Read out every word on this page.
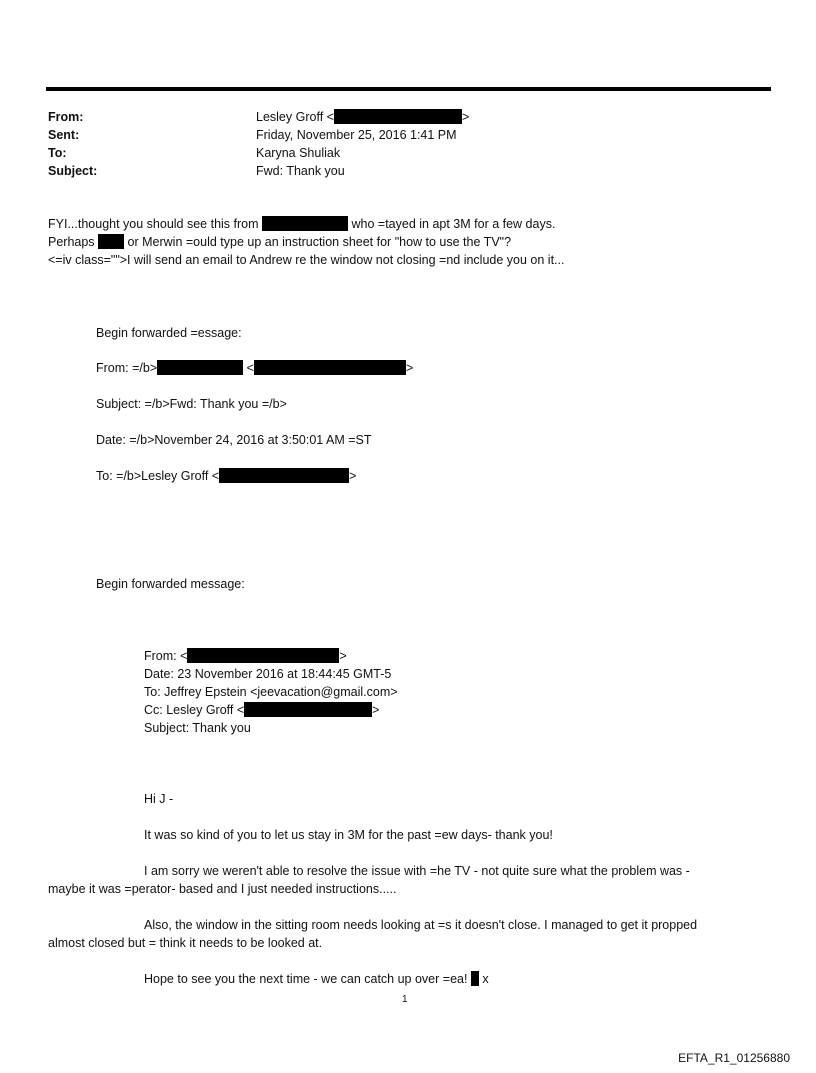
From:	Lesley Groff <	>
Sent:	Friday, November 25, 2016 1:41 PM
To:	Karyna Shuliak
Subject:	Fwd: Thank you
FYI...thought you should see this from	who =tayed in apt 3M for a few days.
Perhaps	or Merwin =ould type up an instruction sheet for "how to use the TV"?
<=iv class="">I will send an email to Andrew re the window not closing =nd include you on it...
Begin forwarded =essage:
From: =/b>	<	>
Subject: =/b>Fwd: Thank you =/b>
Date: =/b>November 24, 2016 at 3:50:01 AM =ST
To: =/b>Lesley Groff <	>
Begin forwarded message:
From: <	>
Date: 23 November 2016 at 18:44:45 GMT-5
To: Jeffrey Epstein <jeevacation@gmail.com>
Cc: Lesley Groff <	>
Subject: Thank you
Hi J -
It was so kind of you to let us stay in 3M for the past =ew days- thank you!
I am sorry we weren't able to resolve the issue with =he TV - not quite sure what the problem was -
maybe it was =perator- based and I just needed instructions.....
Also, the window in the sitting room needs looking at =s it doesn't close. I managed to get it propped
almost closed but = think it needs to be looked at.
Hope to see you the next time - we can catch up over =ea! x
1
EFTA_R1_01256880
